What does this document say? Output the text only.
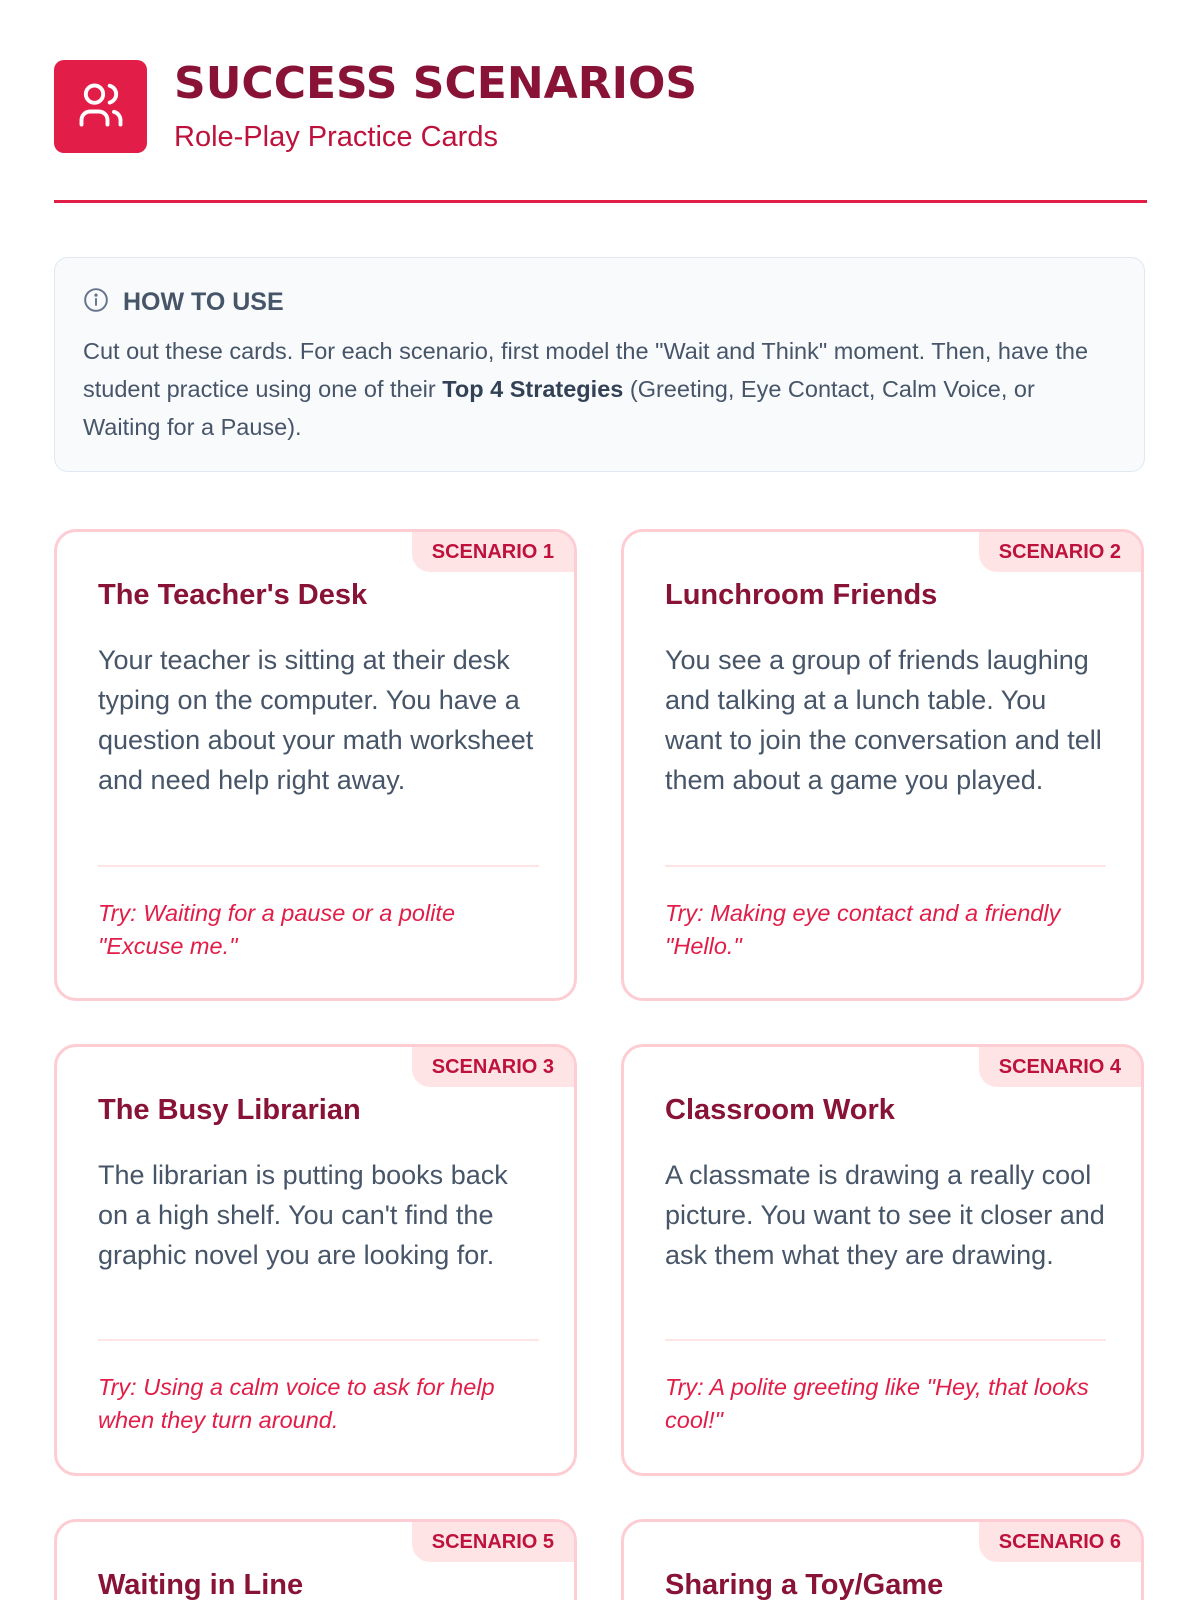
SUCCESS SCENARIOS
Role-Play Practice Cards
HOW TO USE
Cut out these cards. For each scenario, first model the "Wait and Think" moment. Then, have the student practice using one of their Top 4 Strategies (Greeting, Eye Contact, Calm Voice, or Waiting for a Pause).
SCENARIO 1
The Teacher's Desk

Your teacher is sitting at their desk typing on the computer. You have a question about your math worksheet and need help right away.

Try: Waiting for a pause or a polite "Excuse me."

SCENARIO 2
Lunchroom Friends

You see a group of friends laughing and talking at a lunch table. You want to join the conversation and tell them about a game you played.

Try: Making eye contact and a friendly "Hello."

SCENARIO 3
The Busy Librarian

The librarian is putting books back on a high shelf. You can't find the graphic novel you are looking for.

Try: Using a calm voice to ask for help when they turn around.

SCENARIO 4
Classroom Work

A classmate is drawing a really cool picture. You want to see it closer and ask them what they are drawing.

Try: A polite greeting like "Hey, that looks cool!"

SCENARIO 5
Waiting in Line
SCENARIO 6
Sharing a Toy/Game
